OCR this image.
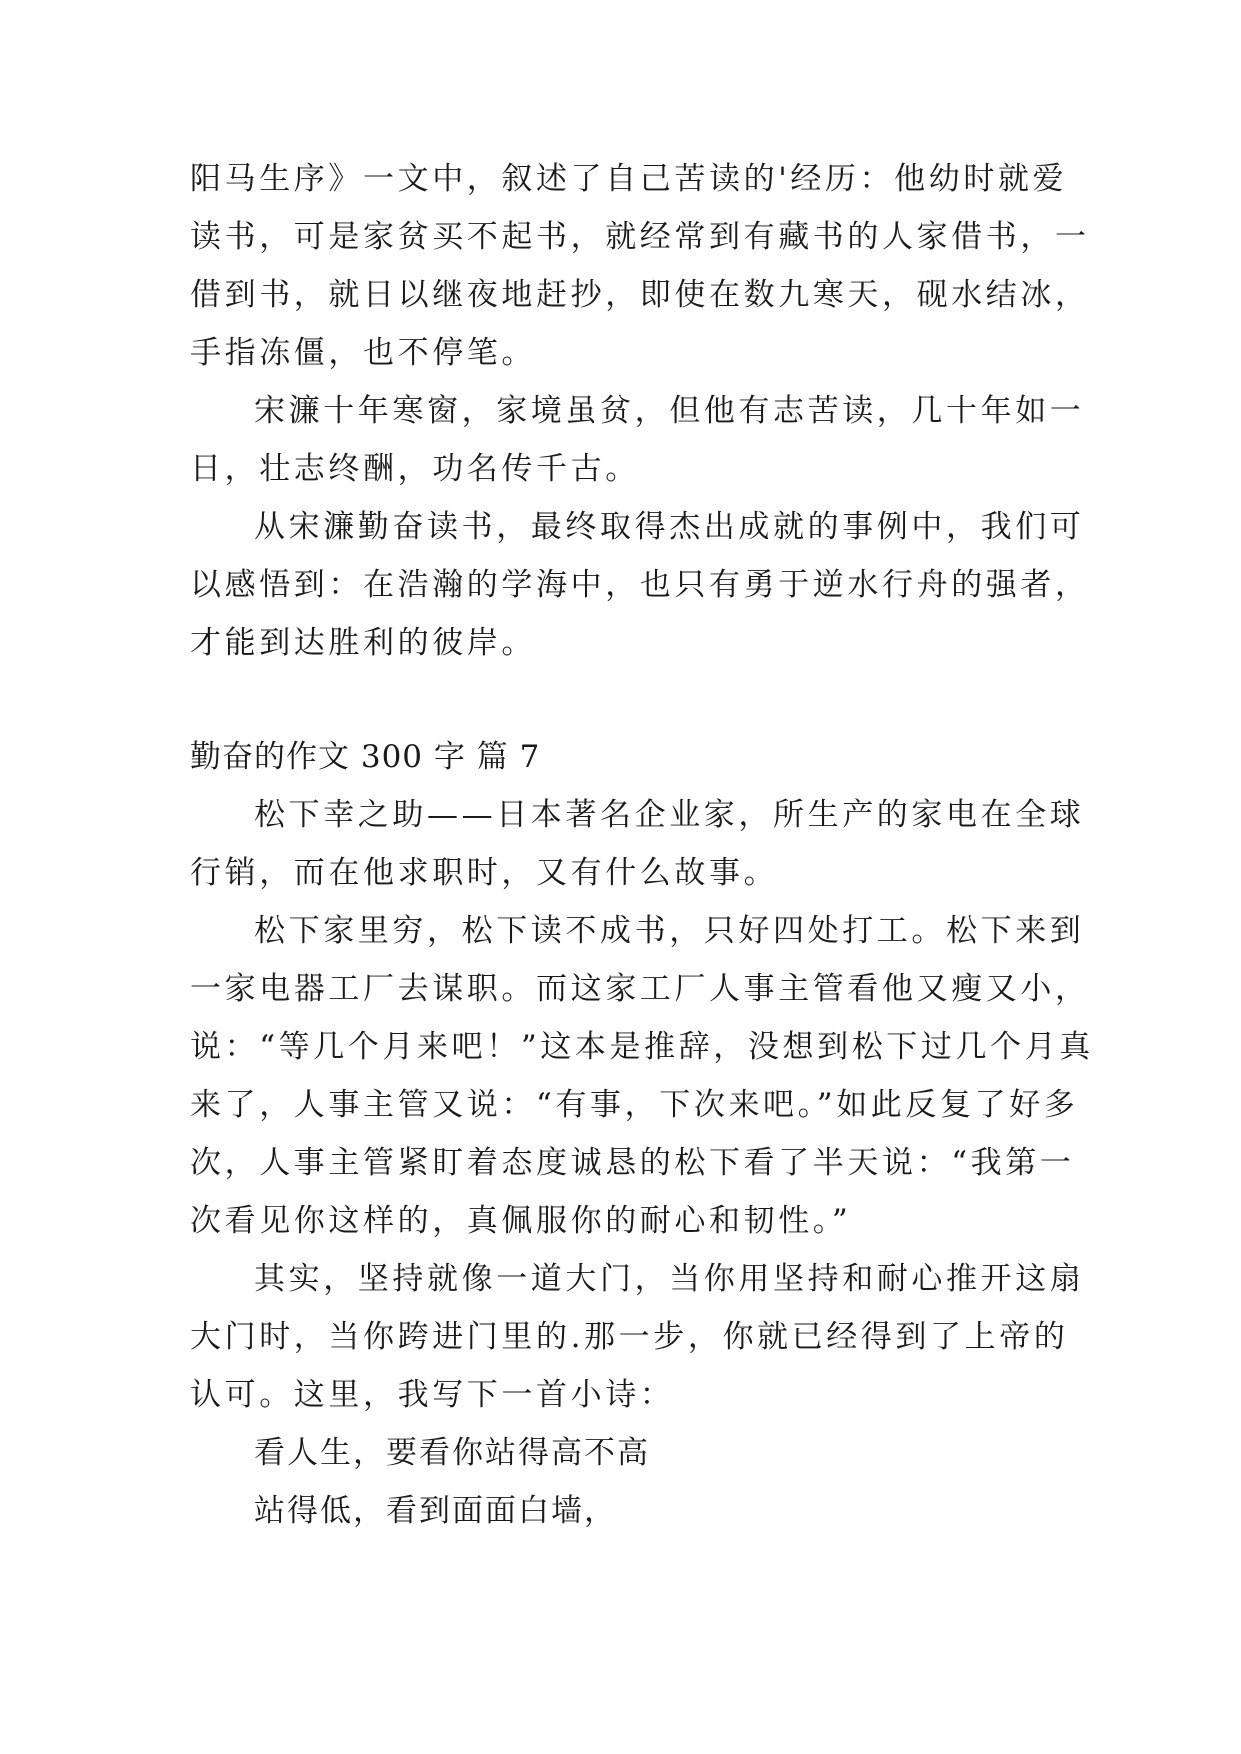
阳马生序》一文中，叙述了自己苦读的'经历：他幼时就爱
读书，可是家贫买不起书，就经常到有藏书的人家借书，一
借到书，就日以继夜地赶抄，即使在数九寒天，砚水结冰，
手指冻僵，也不停笔。
宋濂十年寒窗，家境虽贫，但他有志苦读，几十年如一
日，壮志终酬，功名传千古。
从宋濂勤奋读书，最终取得杰出成就的事例中，我们可
以感悟到：在浩瀚的学海中，也只有勇于逆水行舟的强者，
才能到达胜利的彼岸。
勤奋的作文 300 字 篇 7
松下幸之助——日本著名企业家，所生产的家电在全球
行销，而在他求职时，又有什么故事。
松下家里穷，松下读不成书，只好四处打工。松下来到
一家电器工厂去谋职。而这家工厂人事主管看他又瘦又小，
说：“等几个月来吧！”这本是推辞，没想到松下过几个月真
来了，人事主管又说：“有事，下次来吧。”如此反复了好多
次，人事主管紧盯着态度诚恳的松下看了半天说：“我第一
次看见你这样的，真佩服你的耐心和韧性。”
其实，坚持就像一道大门，当你用坚持和耐心推开这扇
大门时，当你跨进门里的.那一步，你就已经得到了上帝的
认可。这里，我写下一首小诗：
看人生，要看你站得高不高
站得低，看到面面白墙，
